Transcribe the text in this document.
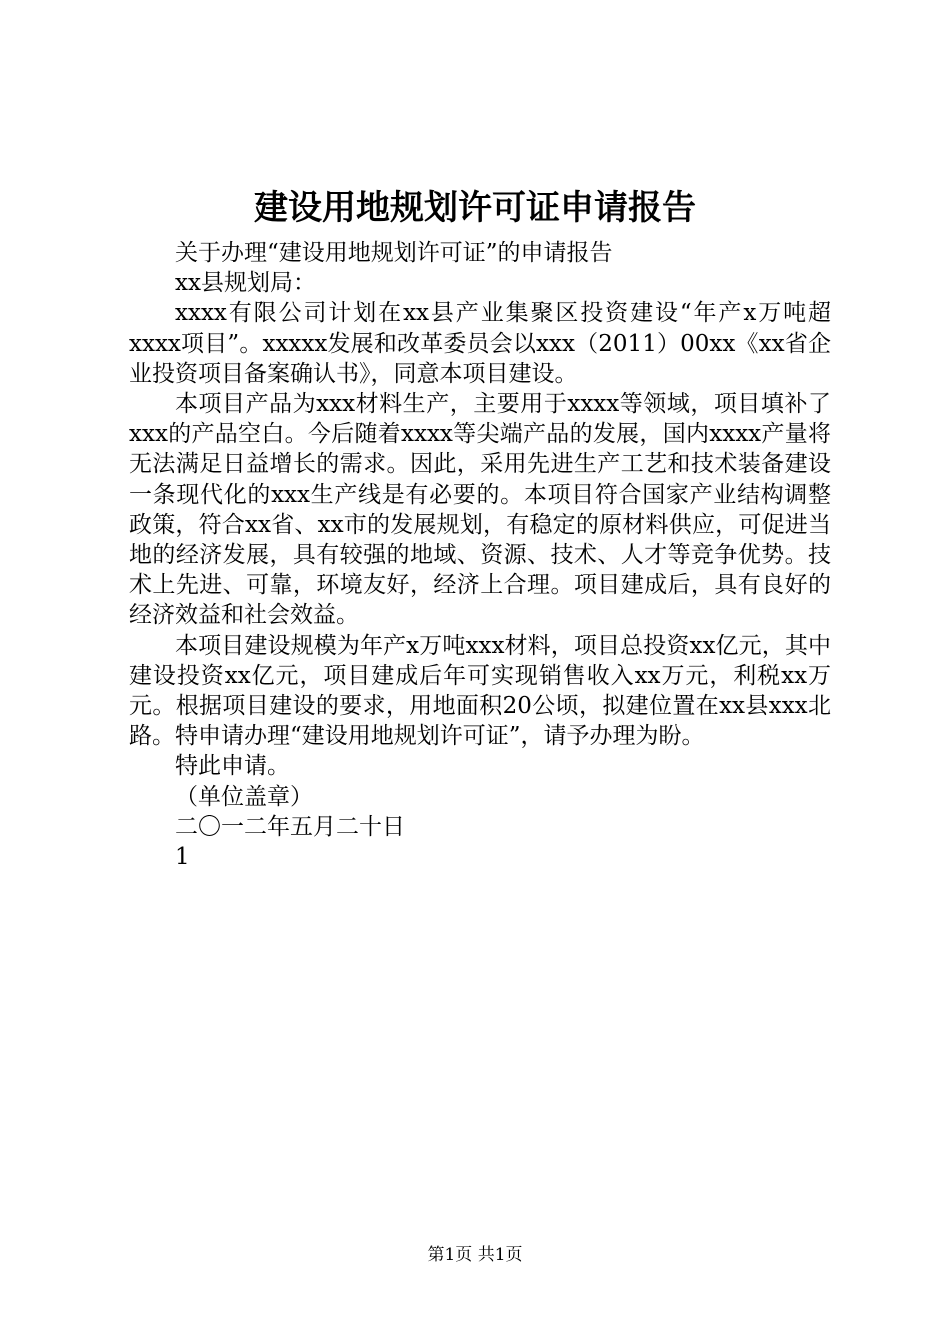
建设用地规划许可证申请报告

关于办理“建设用地规划许可证”的申请报告

xx县规划局：

xxxx有限公司计划在xx县产业集聚区投资建设“年产x万吨超xxxx项目”。xxxxx发展和改革委员会以xxx（2011）00xx《xx省企业投资项目备案确认书》，同意本项目建设。

本项目产品为xxx材料生产，主要用于xxxx等领域，项目填补了xxx的产品空白。今后随着xxxx等尖端产品的发展，国内xxxx产量将无法满足日益增长的需求。因此，采用先进生产工艺和技术装备建设一条现代化的xxx生产线是有必要的。本项目符合国家产业结构调整政策，符合xx省、xx市的发展规划，有稳定的原材料供应，可促进当地的经济发展，具有较强的地域、资源、技术、人才等竞争优势。技术上先进、可靠，环境友好，经济上合理。项目建成后，具有良好的经济效益和社会效益。

本项目建设规模为年产x万吨xxx材料，项目总投资xx亿元，其中建设投资xx亿元，项目建成后年可实现销售收入xx万元，利税xx万元。根据项目建设的要求，用地面积20公顷，拟建位置在xx县xxx北路。特申请办理“建设用地规划许可证”，请予办理为盼。

特此申请。

（单位盖章）

二〇一二年五月二十日

1

第1页 共1页
